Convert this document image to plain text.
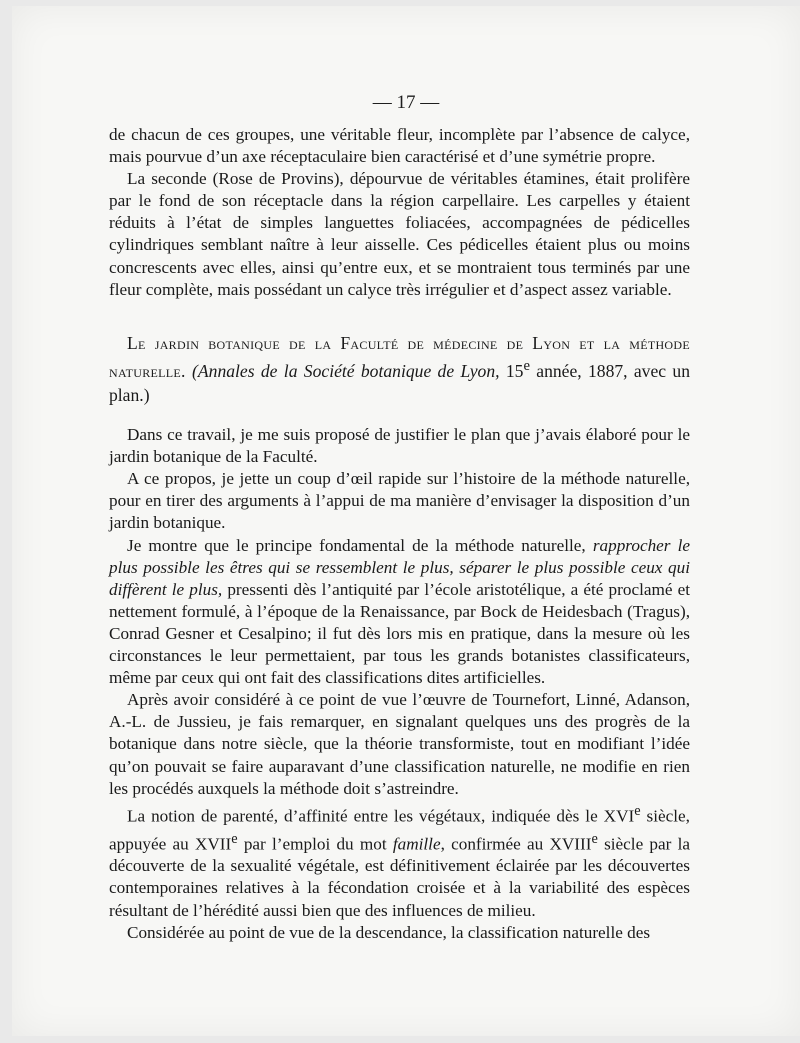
— 17 —

de chacun de ces groupes, une véritable fleur, incomplète par l’absence de calyce, mais pourvue d’un axe réceptaculaire bien caractérisé et d’une symétrie propre.

La seconde (Rose de Provins), dépourvue de véritables étamines, était prolifère par le fond de son réceptacle dans la région carpellaire. Les carpelles y étaient réduits à l’état de simples languettes foliacées, accompagnées de pédicelles cylindriques semblant naître à leur aisselle. Ces pédicelles étaient plus ou moins concrescents avec elles, ainsi qu’entre eux, et se montraient tous terminés par une fleur complète, mais possédant un calyce très irrégulier et d’aspect assez variable.

Le jardin botanique de la Faculté de médecine de Lyon et la méthode naturelle. (Annales de la Société botanique de Lyon, 15e année, 1887, avec un plan.)

Dans ce travail, je me suis proposé de justifier le plan que j’avais élaboré pour le jardin botanique de la Faculté.

A ce propos, je jette un coup d’œil rapide sur l’histoire de la méthode naturelle, pour en tirer des arguments à l’appui de ma manière d’envisager la disposition d’un jardin botanique.

Je montre que le principe fondamental de la méthode naturelle, rapprocher le plus possible les êtres qui se ressemblent le plus, séparer le plus possible ceux qui diffèrent le plus, pressenti dès l’antiquité par l’école aristotélique, a été proclamé et nettement formulé, à l’époque de la Renaissance, par Bock de Heidesbach (Tragus), Conrad Gesner et Cesalpino; il fut dès lors mis en pratique, dans la mesure où les circonstances le leur permettaient, par tous les grands botanistes classificateurs, même par ceux qui ont fait des classifications dites artificielles.

Après avoir considéré à ce point de vue l’œuvre de Tournefort, Linné, Adanson, A.-L. de Jussieu, je fais remarquer, en signalant quelques uns des progrès de la botanique dans notre siècle, que la théorie transformiste, tout en modifiant l’idée qu’on pouvait se faire auparavant d’une classification naturelle, ne modifie en rien les procédés auxquels la méthode doit s’astreindre.

La notion de parenté, d’affinité entre les végétaux, indiquée dès le XVIe siècle, appuyée au XVIIe par l’emploi du mot famille, confirmée au XVIIIe siècle par la découverte de la sexualité végétale, est définitivement éclairée par les découvertes contemporaines relatives à la fécondation croisée et à la variabilité des espèces résultant de l’hérédité aussi bien que des influences de milieu.

Considérée au point de vue de la descendance, la classification naturelle des
